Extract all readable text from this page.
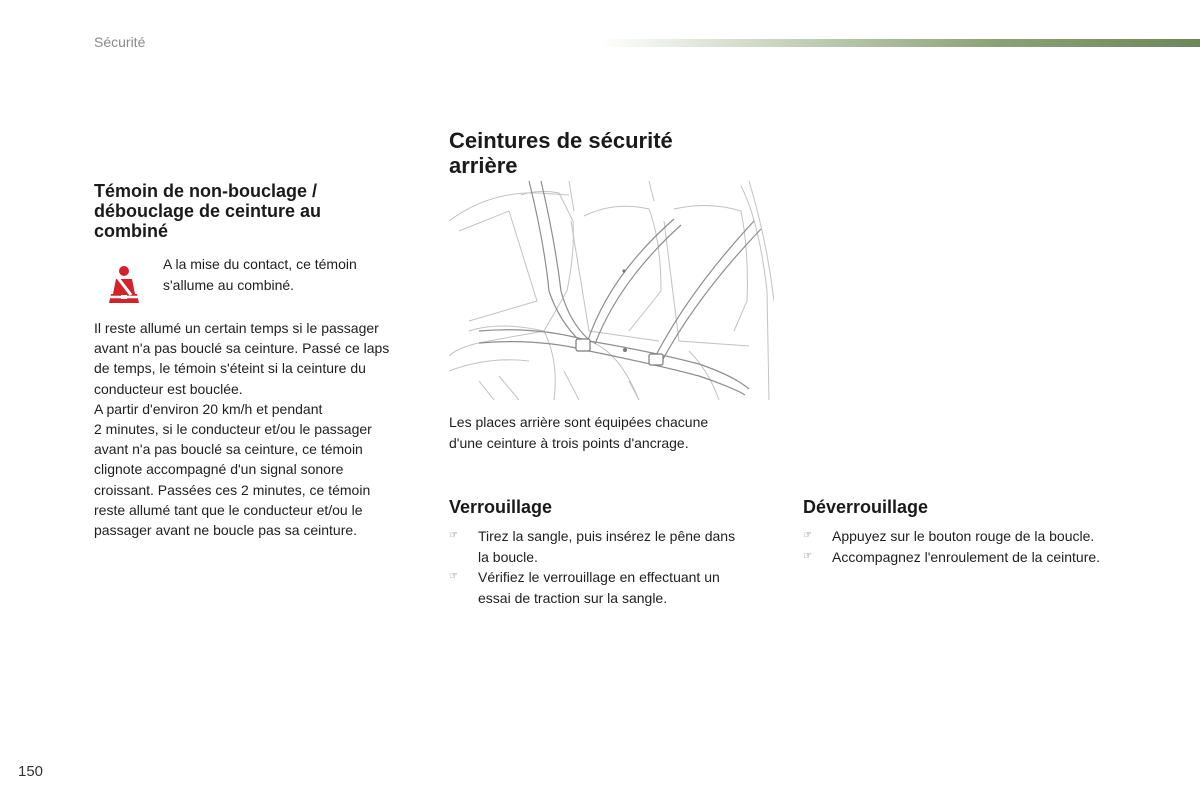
Sécurité
Témoin de non-bouclage /
débouclage de ceinture au
combiné
A la mise du contact, ce témoin
s'allume au combiné.

Il reste allumé un certain temps si le passager

avant n'a pas bouclé sa ceinture. Passé ce laps

de temps, le témoin s'éteint si la ceinture du

conducteur est bouclée.

A partir d'environ 20 km/h et pendant

2 minutes, si le conducteur et/ou le passager

avant n'a pas bouclé sa ceinture, ce témoin

clignote accompagné d'un signal sonore

croissant. Passées ces 2 minutes, ce témoin

reste allumé tant que le conducteur et/ou le

passager avant ne boucle pas sa ceinture.

Ceintures de sécurité
arrière
Les places arrière sont équipées chacune
d'une ceinture à trois points d'ancrage.
Verrouillage
☞ Tirez la sangle, puis insérez le pêne dans
la boucle.
☞ Vérifiez le verrouillage en effectuant un
essai de traction sur la sangle.
Déverrouillage
☞ Appuyez sur le bouton rouge de la boucle.
☞ Accompagnez l'enroulement de la ceinture.
150
